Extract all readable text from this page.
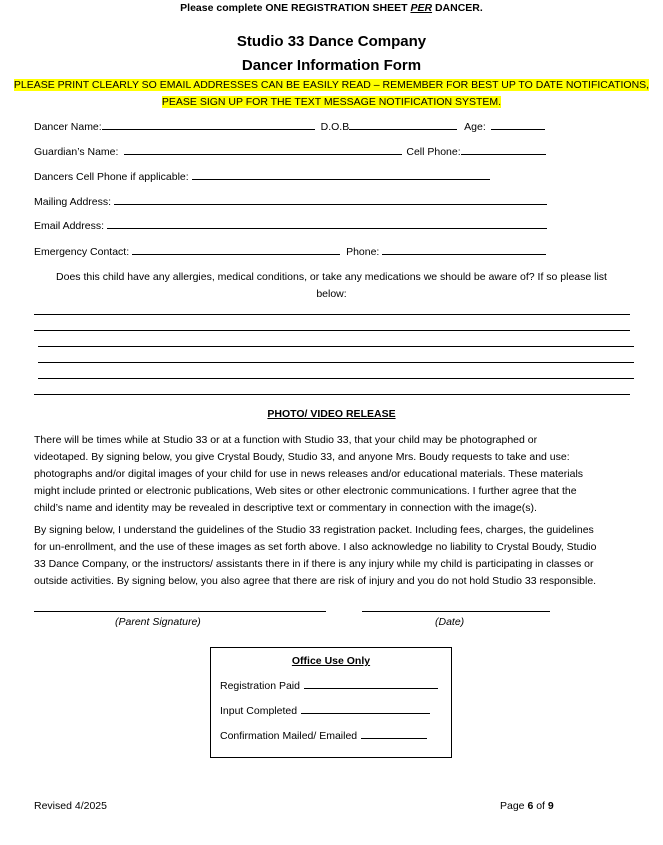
Please complete ONE REGISTRATION SHEET PER DANCER.
Studio 33 Dance Company
Dancer Information Form
PLEASE PRINT CLEARLY SO EMAIL ADDRESSES CAN BE EASILY READ – REMEMBER FOR BEST UP TO DATE NOTIFICATIONS,
PEASE SIGN UP FOR THE TEXT MESSAGE NOTIFICATION SYSTEM.
Dancer Name:	D.O.B	Age:
Guardian’s Name:	Cell Phone:
Dancers Cell Phone if applicable:
Mailing Address:
Email Address:
Emergency Contact:	Phone:
Does this child have any allergies, medical conditions, or take any medications we should be aware of? If so please list
below:
PHOTO/ VIDEO RELEASE
There will be times while at Studio 33 or at a function with Studio 33, that your child may be photographed or
videotaped. By signing below, you give Crystal Boudy, Studio 33, and anyone Mrs. Boudy requests to take and use:
photographs and/or digital images of your child for use in news releases and/or educational materials. These materials
might include printed or electronic publications, Web sites or other electronic communications. I further agree that the
child’s name and identity may be revealed in descriptive text or commentary in connection with the image(s).
By signing below, I understand the guidelines of the Studio 33 registration packet. Including fees, charges, the guidelines
for un-enrollment, and the use of these images as set forth above. I also acknowledge no liability to Crystal Boudy, Studio
33 Dance Company, or the instructors/ assistants there in if there is any injury while my child is participating in classes or
outside activities. By signing below, you also agree that there are risk of injury and you do not hold Studio 33 responsible.
(Parent Signature)	(Date)
Office Use Only
Registration Paid
Input Completed
Confirmation Mailed/ Emailed
Revised 4/2025	Page 6 of 9
